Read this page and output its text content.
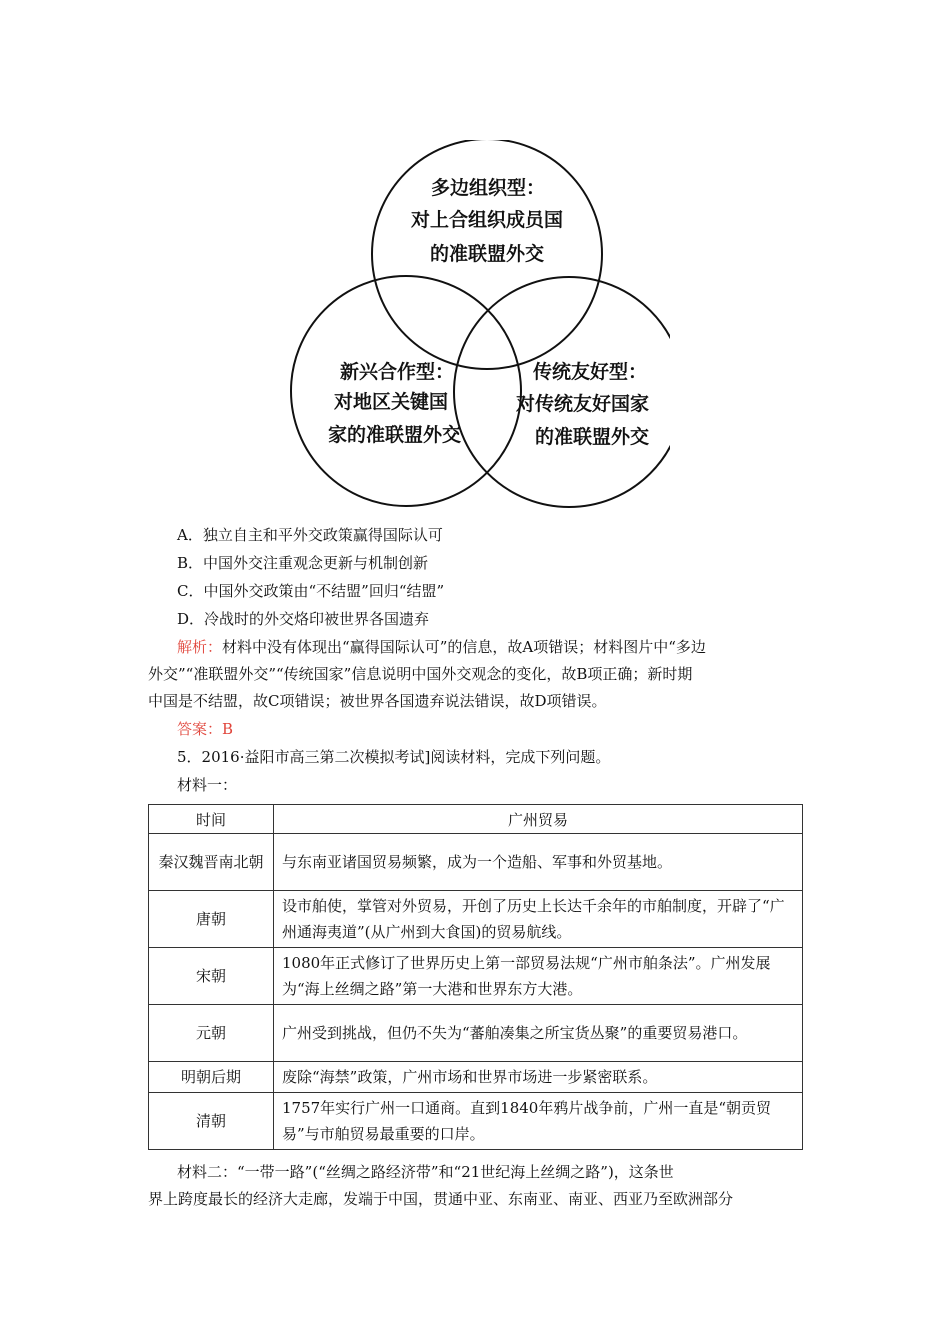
多边组织型：
对上合组织成员国
的准联盟外交
新兴合作型：
对地区关键国
家的准联盟外交
传统友好型：
对传统友好国家
的准联盟外交
A．独立自主和平外交政策赢得国际认可
B．中国外交注重观念更新与机制创新
C．中国外交政策由“不结盟”回归“结盟”
D．冷战时的外交烙印被世界各国遗弃
解析：材料中没有体现出“赢得国际认可”的信息，故A项错误；材料图片中“多边
外交”“准联盟外交”“传统国家”信息说明中国外交观念的变化，故B项正确；新时期
中国是不结盟，故C项错误；被世界各国遗弃说法错误，故D项错误。
答案：B
5．2016·益阳市高三第二次模拟考试]阅读材料，完成下列问题。
材料一：
时间	广州贸易
秦汉魏晋南北朝	与东南亚诸国贸易频繁，成为一个造船、军事和外贸基地。
唐朝	设市舶使，掌管对外贸易，开创了历史上长达千余年的市舶制度，开辟了“广州通海夷道”(从广州到大食国)的贸易航线。
宋朝	1080年正式修订了世界历史上第一部贸易法规“广州市舶条法”。广州发展为“海上丝绸之路”第一大港和世界东方大港。
元朝	广州受到挑战，但仍不失为“蕃舶凑集之所宝货丛聚”的重要贸易港口。
明朝后期	废除“海禁”政策，广州市场和世界市场进一步紧密联系。
清朝	1757年实行广州一口通商。直到1840年鸦片战争前，广州一直是“朝贡贸易”与市舶贸易最重要的口岸。
材料二：“一带一路”(“丝绸之路经济带”和“21世纪海上丝绸之路”)，这条世
界上跨度最长的经济大走廊，发端于中国，贯通中亚、东南亚、南亚、西亚乃至欧洲部分
